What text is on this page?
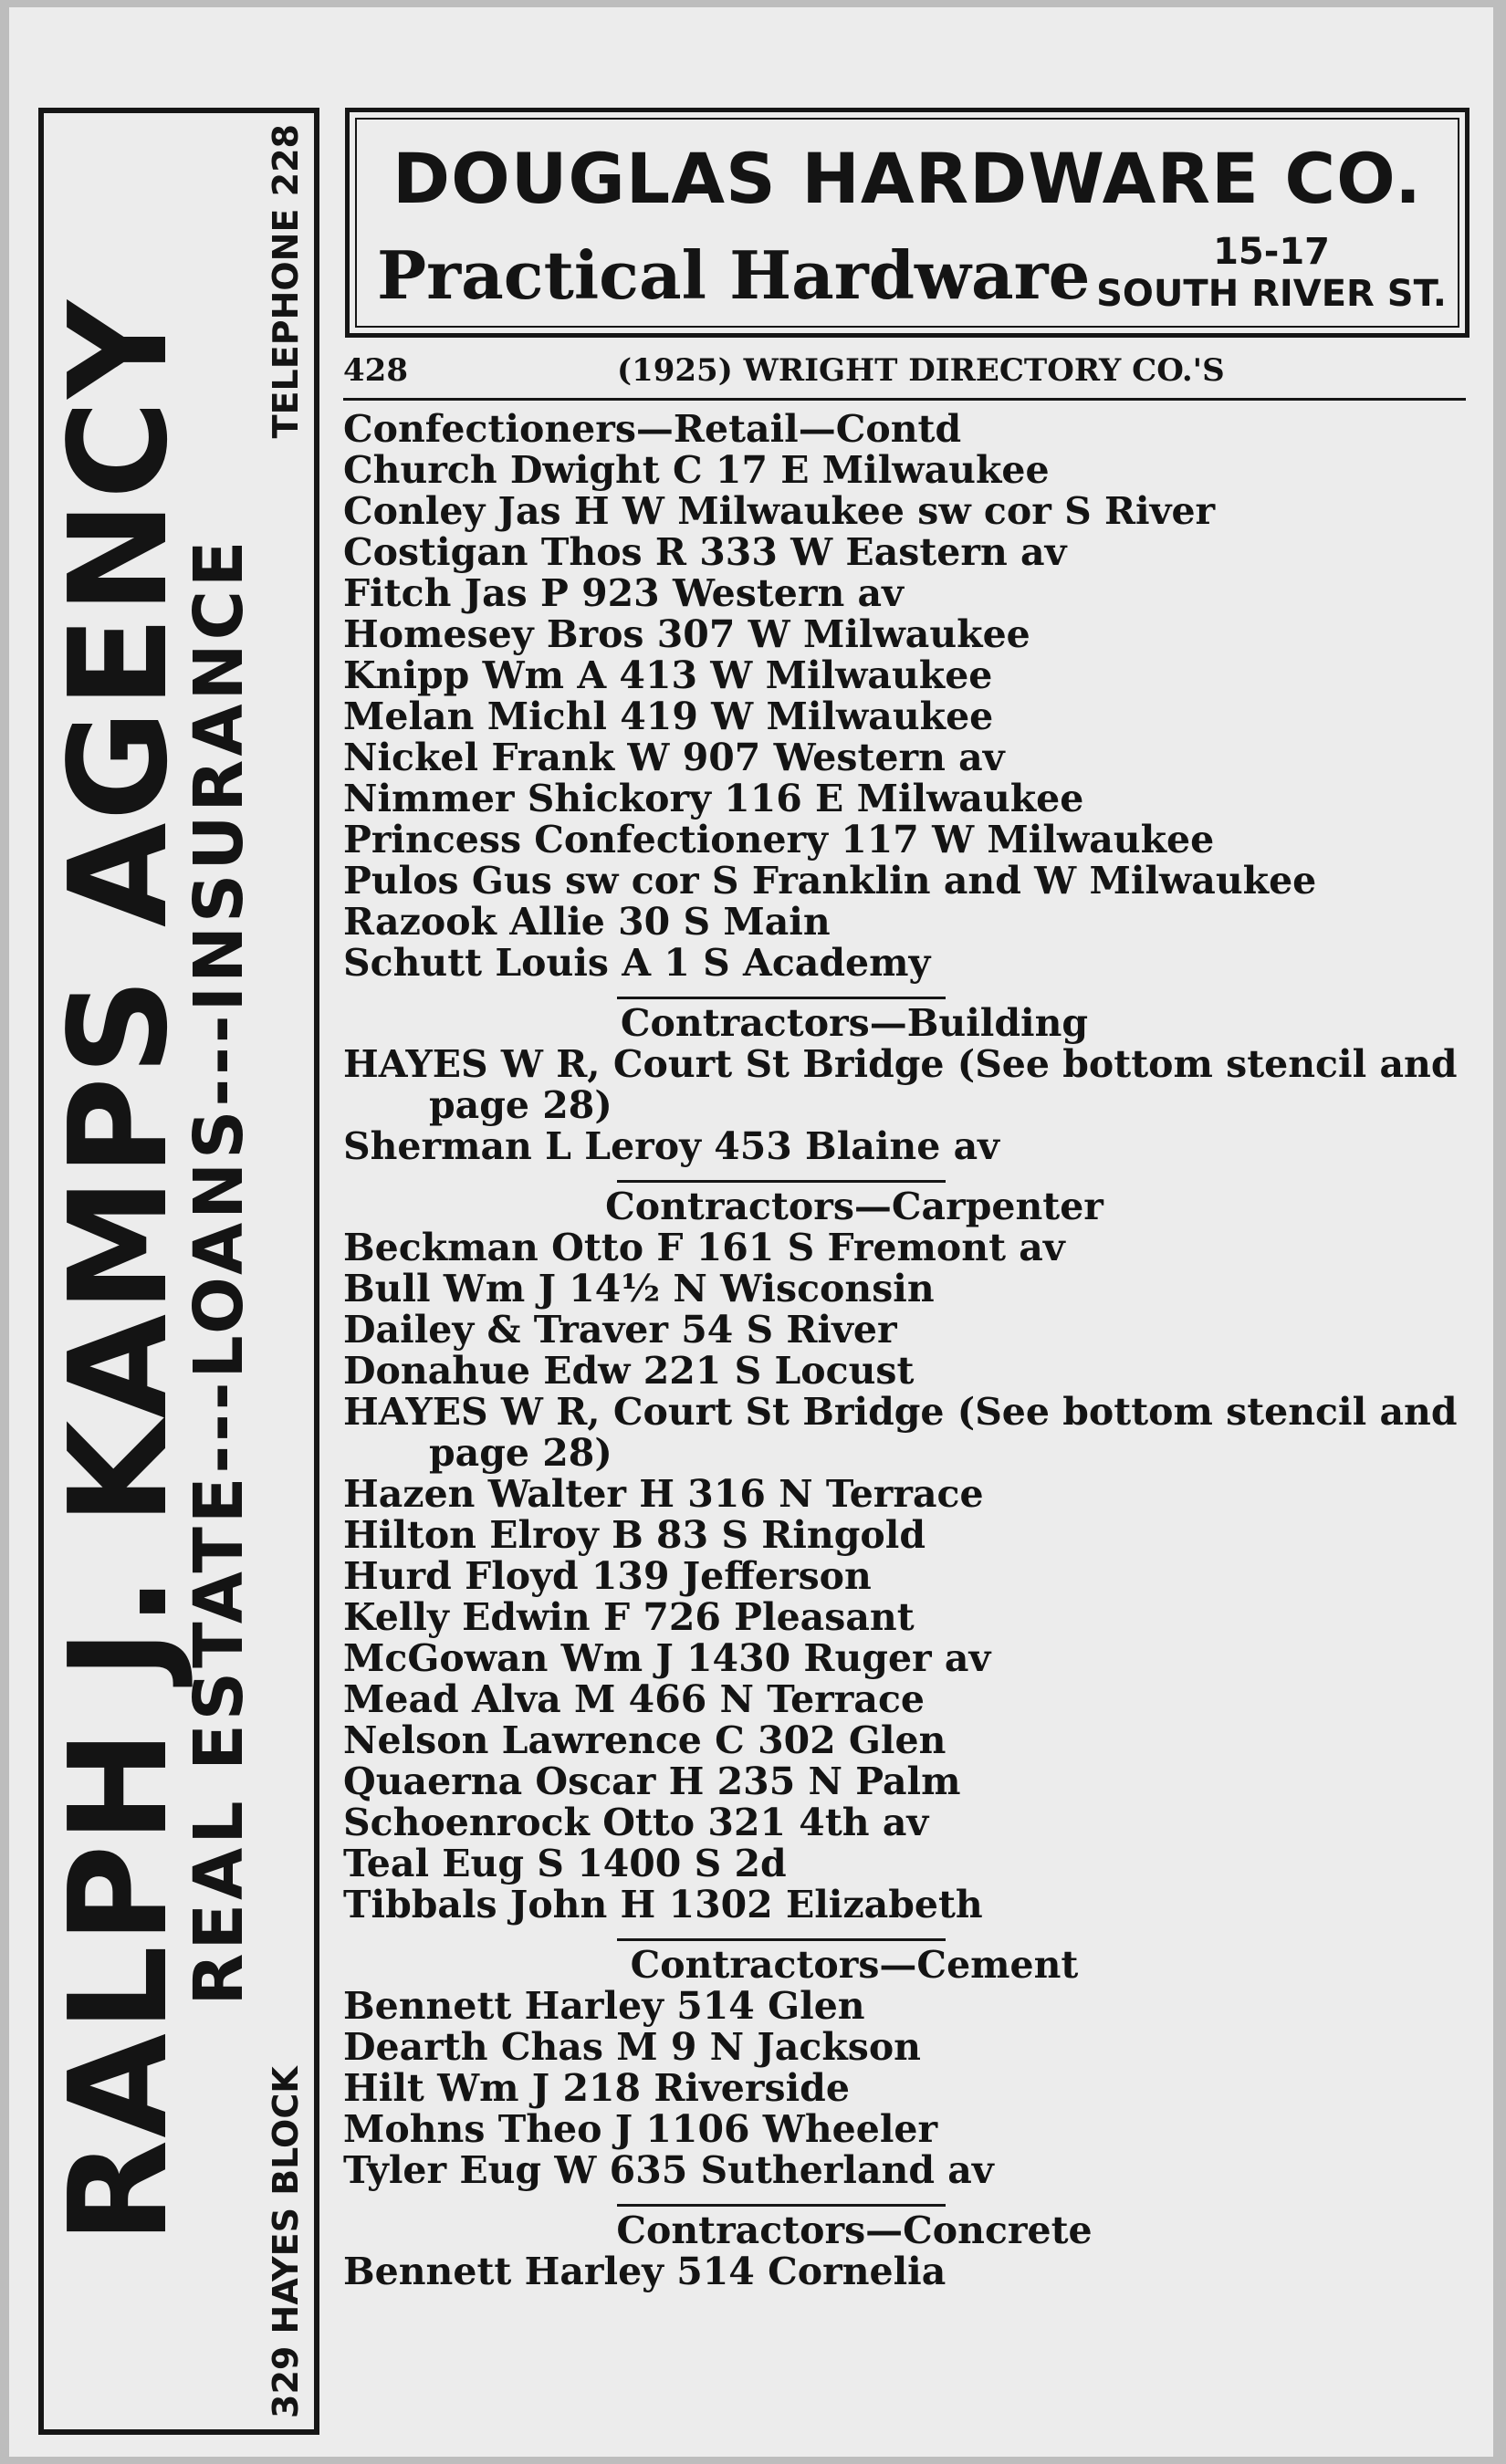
RALPH J. KAMPS AGENCY
REAL ESTATE---LOANS---INSURANCE
329 HAYES BLOCK
TELEPHONE 228	DOUGLAS HARDWARE CO.
Practical Hardware	15-17
SOUTH RIVER ST.
428	(1925) WRIGHT DIRECTORY CO.'S
Confectioners—Retail—Contd
Church Dwight C 17 E Milwaukee
Conley Jas H W Milwaukee sw cor S River
Costigan Thos R 333 W Eastern av
Fitch Jas P 923 Western av
Homesey Bros 307 W Milwaukee
Knipp Wm A 413 W Milwaukee
Melan Michl 419 W Milwaukee
Nickel Frank W 907 Western av
Nimmer Shickory 116 E Milwaukee
Princess Confectionery 117 W Milwaukee
Pulos Gus sw cor S Franklin and W Milwaukee
Razook Allie 30 S Main
Schutt Louis A 1 S Academy
Contractors—Building
HAYES W R, Court St Bridge (See bottom stencil and
page 28)
Sherman L Leroy 453 Blaine av
Contractors—Carpenter
Beckman Otto F 161 S Fremont av
Bull Wm J 14½ N Wisconsin
Dailey & Traver 54 S River
Donahue Edw 221 S Locust
HAYES W R, Court St Bridge (See bottom stencil and
page 28)
Hazen Walter H 316 N Terrace
Hilton Elroy B 83 S Ringold
Hurd Floyd 139 Jefferson
Kelly Edwin F 726 Pleasant
McGowan Wm J 1430 Ruger av
Mead Alva M 466 N Terrace
Nelson Lawrence C 302 Glen
Quaerna Oscar H 235 N Palm
Schoenrock Otto 321 4th av
Teal Eug S 1400 S 2d
Tibbals John H 1302 Elizabeth
Contractors—Cement
Bennett Harley 514 Glen
Dearth Chas M 9 N Jackson
Hilt Wm J 218 Riverside
Mohns Theo J 1106 Wheeler
Tyler Eug W 635 Sutherland av
Contractors—Concrete
Bennett Harley 514 Cornelia
